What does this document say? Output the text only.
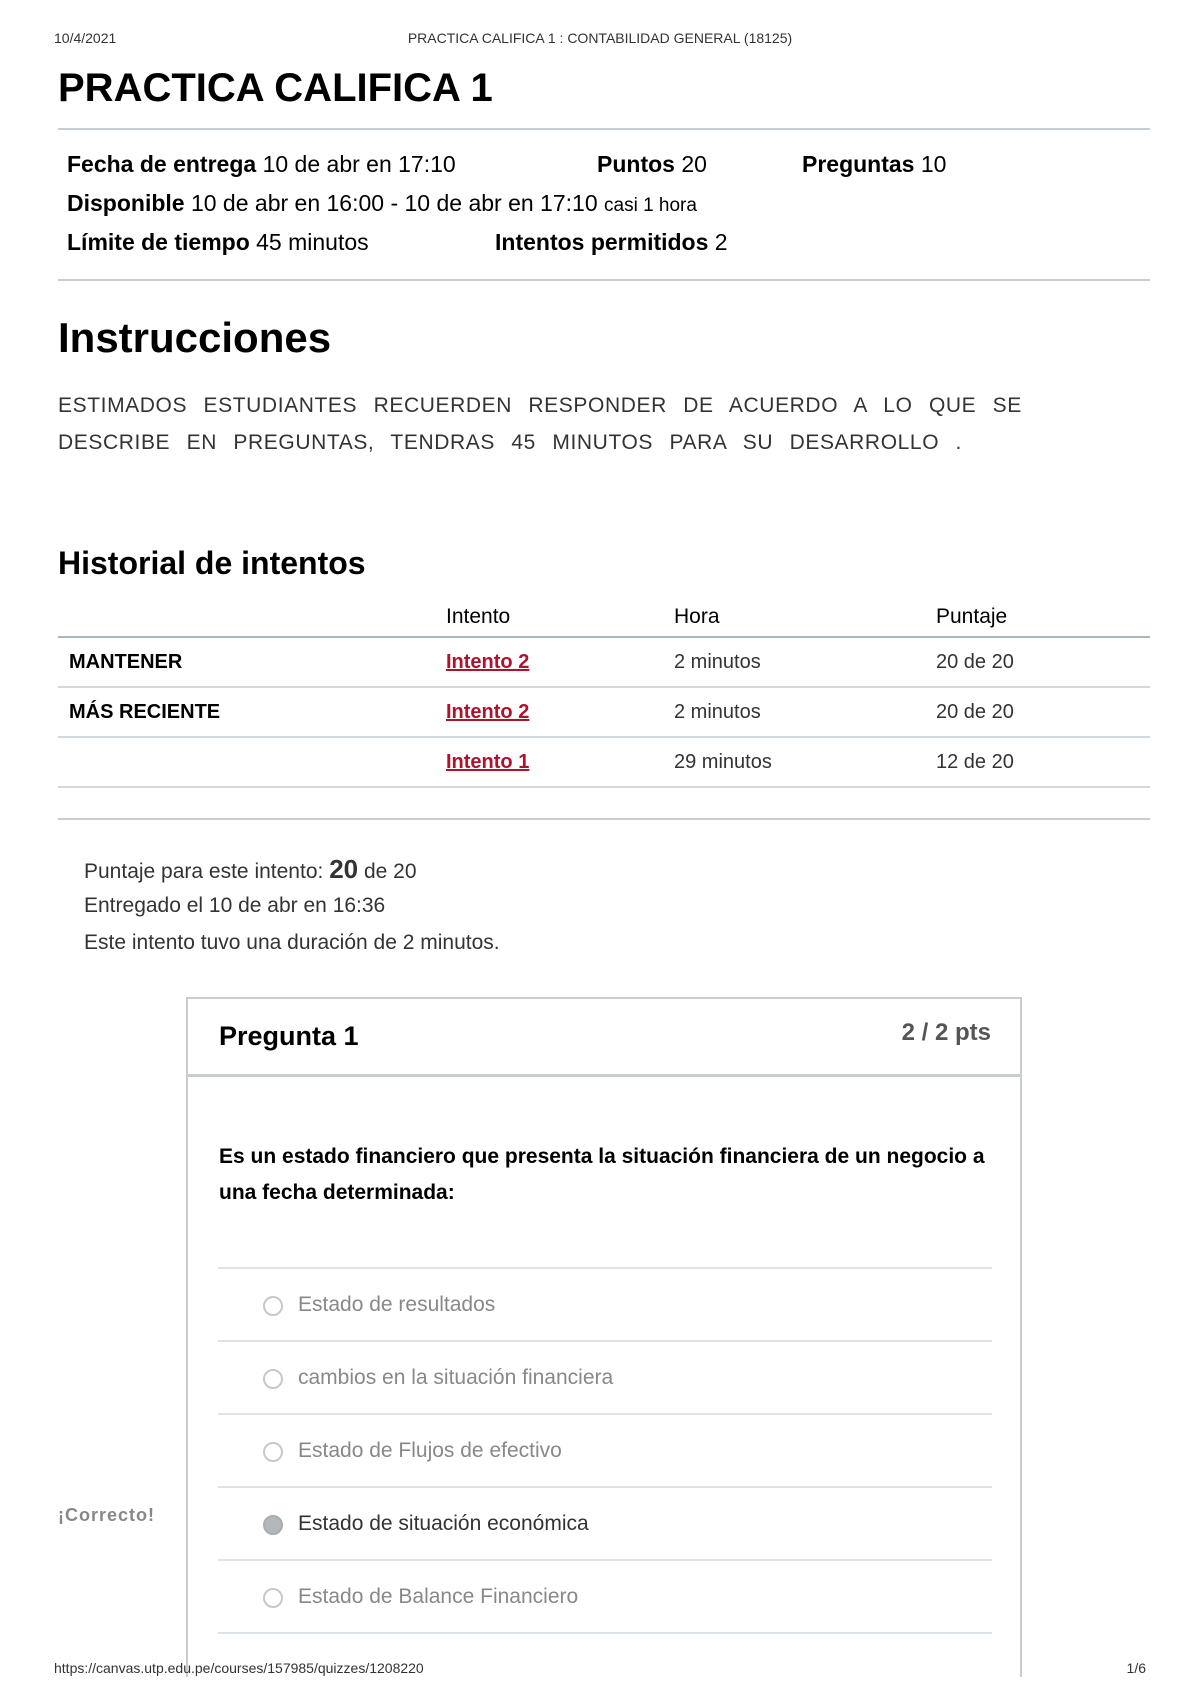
10/4/2021	PRACTICA CALIFICA 1 : CONTABILIDAD GENERAL (18125)
PRACTICA CALIFICA 1
Fecha de entrega 10 de abr en 17:10	Puntos 20	Preguntas 10
Disponible 10 de abr en 16:00 - 10 de abr en 17:10 casi 1 hora
Límite de tiempo 45 minutos	Intentos permitidos 2
Instrucciones

ESTIMADOS ESTUDIANTES RECUERDEN RESPONDER DE ACUERDO A LO QUE SE DESCRIBE EN PREGUNTAS, TENDRAS 45 MINUTOS PARA SU DESARROLLO .

Historial de intentos
	Intento	Hora	Puntaje
MANTENER	Intento 2	2 minutos	20 de 20
MÁS RECIENTE	Intento 2	2 minutos	20 de 20
	Intento 1	29 minutos	12 de 20
Puntaje para este intento: 20 de 20
Entregado el 10 de abr en 16:36
Este intento tuvo una duración de 2 minutos.
Pregunta 1	2 / 2 pts
Es un estado financiero que presenta la situación financiera de un negocio a una fecha determinada:
Estado de resultados
cambios en la situación financiera
Estado de Flujos de efectivo
Estado de situación económica
Estado de Balance Financiero
¡Correcto!
https://canvas.utp.edu.pe/courses/157985/quizzes/1208220	1/6
